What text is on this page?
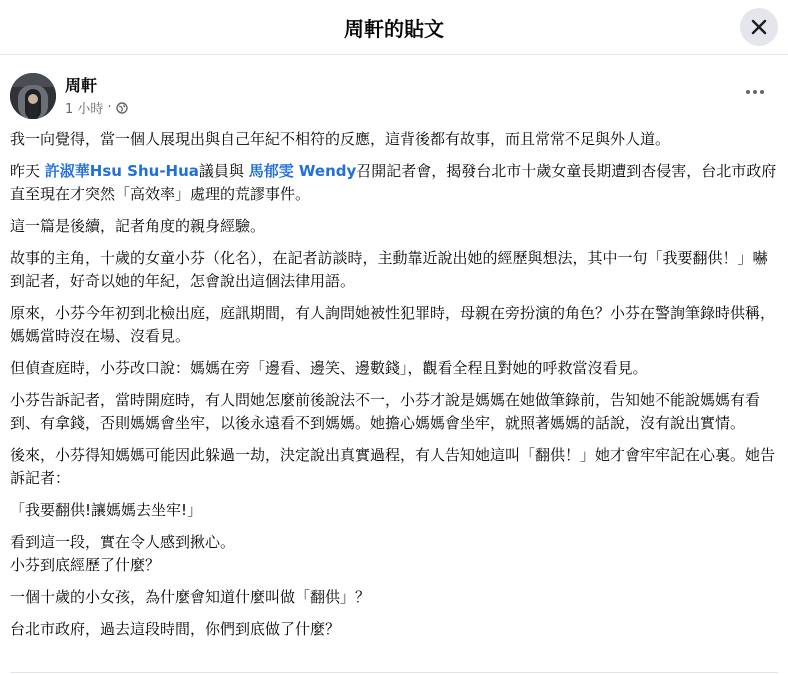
周軒的貼文
周軒
1 小時 ·

我一向覺得，當一個人展現出與自己年紀不相符的反應，這背後都有故事，而且常常不足與外人道。

昨天 許淑華Hsu Shu-Hua議員與 馬郁雯 Wendy召開記者會，揭發台北市十歲女童長期遭到杏侵害，台北市政府直至現在才突然「高效率」處理的荒謬事件。

這一篇是後續，記者角度的親身經驗。

故事的主角，十歲的女童小芬（化名），在記者訪談時，主動靠近說出她的經歷與想法，其中一句「我要翻供！」嚇到記者，好奇以她的年紀，怎會說出這個法律用語。

原來，小芬今年初到北檢出庭，庭訊期間，有人詢問她被性犯罪時，母親在旁扮演的角色？小芬在警詢筆錄時供稱，媽媽當時沒在場、沒看見。

但偵查庭時，小芬改口說：媽媽在旁「邊看、邊笑、邊數錢」，觀看全程且對她的呼救當沒看見。

小芬告訴記者，當時開庭時，有人問她怎麼前後說法不一，小芬才說是媽媽在她做筆錄前，告知她不能說媽媽有看到、有拿錢，否則媽媽會坐牢，以後永遠看不到媽媽。她擔心媽媽會坐牢，就照著媽媽的話說，沒有說出實情。

後來，小芬得知媽媽可能因此躲過一劫，決定說出真實過程，有人告知她這叫「翻供！」她才會牢牢記在心裏。她告訴記者：

「我要翻供!讓媽媽去坐牢!」

看到這一段，實在令人感到揪心。

小芬到底經歷了什麼？

一個十歲的小女孩，為什麼會知道什麼叫做「翻供」？

台北市政府，過去這段時間，你們到底做了什麼？
